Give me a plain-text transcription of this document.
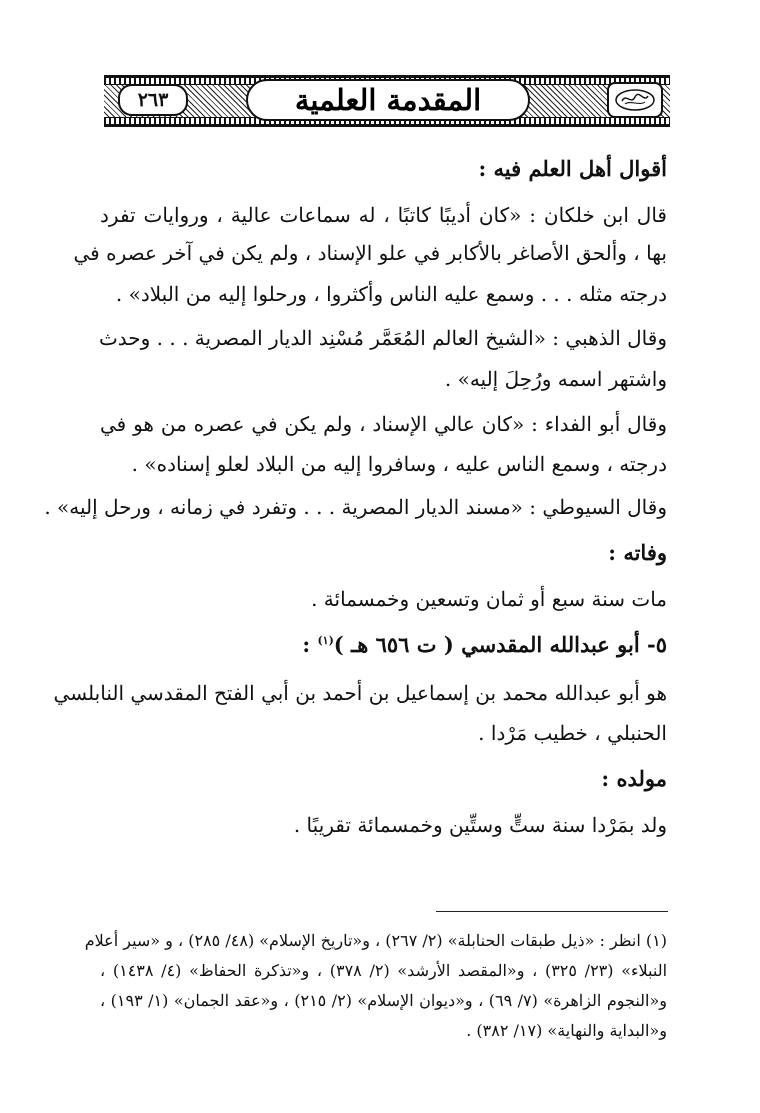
٢٦٣	المقدمة العلمية
أقوال أهل العلم فيه :
قال ابن خلكان : «كان أديبًا كاتبًا ، له سماعات عالية ، وروايات تفرد
بها ، وألحق الأصاغر بالأكابر في علو الإسناد ، ولم يكن في آخر عصره في
درجته مثله . . . وسمع عليه الناس وأكثروا ، ورحلوا إليه من البلاد» .
وقال الذهبي : «الشيخ العالم المُعَمَّر مُسْنِد الديار المصرية . . . وحدث
واشتهر اسمه ورُحِلَ إليه» .
وقال أبو الفداء : «كان عالي الإسناد ، ولم يكن في عصره من هو في
درجته ، وسمع الناس عليه ، وسافروا إليه من البلاد لعلو إسناده» .
وقال السيوطي : «مسند الديار المصرية . . . وتفرد في زمانه ، ورحل إليه» .
وفاته :
مات سنة سبع أو ثمان وتسعين وخمسمائة .
٥- أبو عبدالله المقدسي ( ت ٦٥٦ هـ )$^{(١)}$ :
هو أبو عبدالله محمد بن إسماعيل بن أحمد بن أبي الفتح المقدسي النابلسي
الحنبلي ، خطيب مَرْدا .
مولده :
ولد بمَرْدا سنة ستٍّ وستِّين وخمسمائة تقريبًا .
(١) انظر : «ذيل طبقات الحنابلة» (٢/ ٢٦٧) ، و«تاريخ الإسلام» (٤٨/ ٢٨٥) ، و «سير أعلام
النبلاء» (٢٣/ ٣٢٥) ، و«المقصد الأرشد» (٢/ ٣٧٨) ، و«تذكرة الحفاظ» (٤/ ١٤٣٨) ،
و«النجوم الزاهرة» (٧/ ٦٩) ، و«ديوان الإسلام» (٢/ ٢١٥) ، و«عقد الجمان» (١/ ١٩٣) ،
و«البداية والنهاية» (١٧/ ٣٨٢) .
